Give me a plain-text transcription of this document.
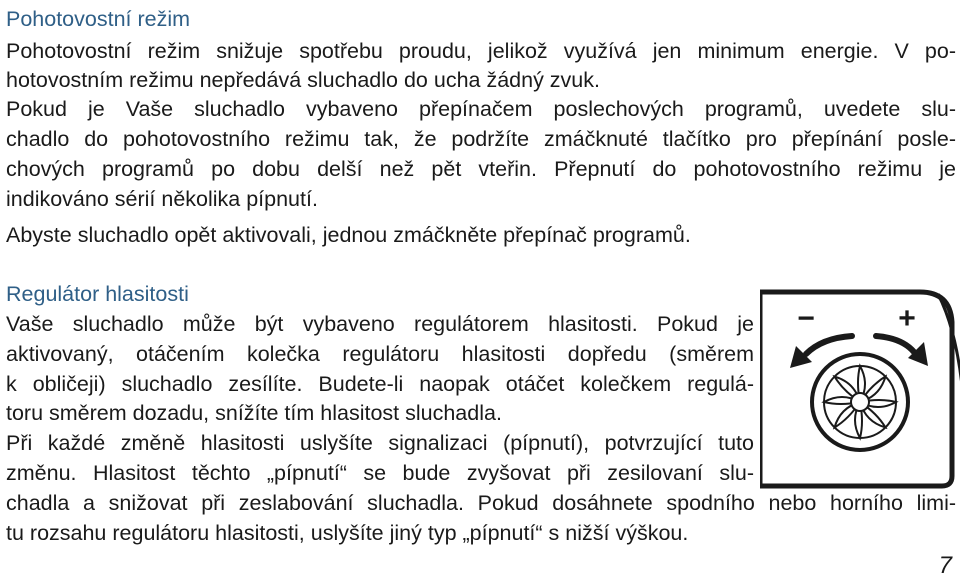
Pohotovostní režim
Pohotovostní režim snižuje spotřebu proudu, jelikož využívá jen minimum energie. V po-
hotovostním režimu nepředává sluchadlo do ucha žádný zvuk.
Pokud je Vaše sluchadlo vybaveno přepínačem poslechových programů, uvedete slu-
chadlo do pohotovostního režimu tak, že podržíte zmáčknuté tlačítko pro přepínání posle-
chových programů po dobu delší než pět vteřin. Přepnutí do pohotovostního režimu je
indikováno sérií několika pípnutí.
Abyste sluchadlo opět aktivovali, jednou zmáčkněte přepínač programů.
Regulátor hlasitosti
Vaše sluchadlo může být vybaveno regulátorem hlasitosti. Pokud je
aktivovaný, otáčením kolečka regulátoru hlasitosti dopředu (směrem
k obličeji) sluchadlo zesílíte. Budete-li naopak otáčet kolečkem regulá-
toru směrem dozadu, snížíte tím hlasitost sluchadla.
Při každé změně hlasitosti uslyšíte signalizaci (pípnutí), potvrzující tuto
změnu. Hlasitost těchto „pípnutí“ se bude zvyšovat při zesilovaní slu-
chadla a snižovat při zeslabování sluchadla. Pokud dosáhnete spodního nebo horního limi-
tu rozsahu regulátoru hlasitosti, uslyšíte jiný typ „pípnutí“ s nižší výškou.
−	+
7
